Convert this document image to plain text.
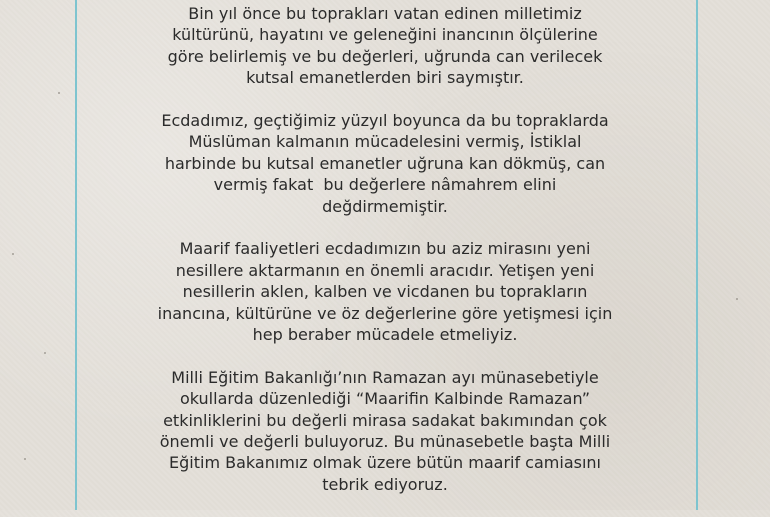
Bin yıl önce bu toprakları vatan edinen milletimiz
kültürünü, hayatını ve geleneğini inancının ölçülerine
göre belirlemiş ve bu değerleri, uğrunda can verilecek
kutsal emanetlerden biri saymıştır.
Ecdadımız, geçtiğimiz yüzyıl boyunca da bu topraklarda
Müslüman kalmanın mücadelesini vermiş, İstiklal
harbinde bu kutsal emanetler uğruna kan dökmüş, can
vermiş fakat  bu değerlere nâmahrem elini
değdirmemiştir.
Maarif faaliyetleri ecdadımızın bu aziz mirasını yeni
nesillere aktarmanın en önemli aracıdır. Yetişen yeni
nesillerin aklen, kalben ve vicdanen bu toprakların
inancına, kültürüne ve öz değerlerine göre yetişmesi için
hep beraber mücadele etmeliyiz.
Milli Eğitim Bakanlığı’nın Ramazan ayı münasebetiyle
okullarda düzenlediği “Maarifin Kalbinde Ramazan”
etkinliklerini bu değerli mirasa sadakat bakımından çok
önemli ve değerli buluyoruz. Bu münasebetle başta Milli
Eğitim Bakanımız olmak üzere bütün maarif camiasını
tebrik ediyoruz.
